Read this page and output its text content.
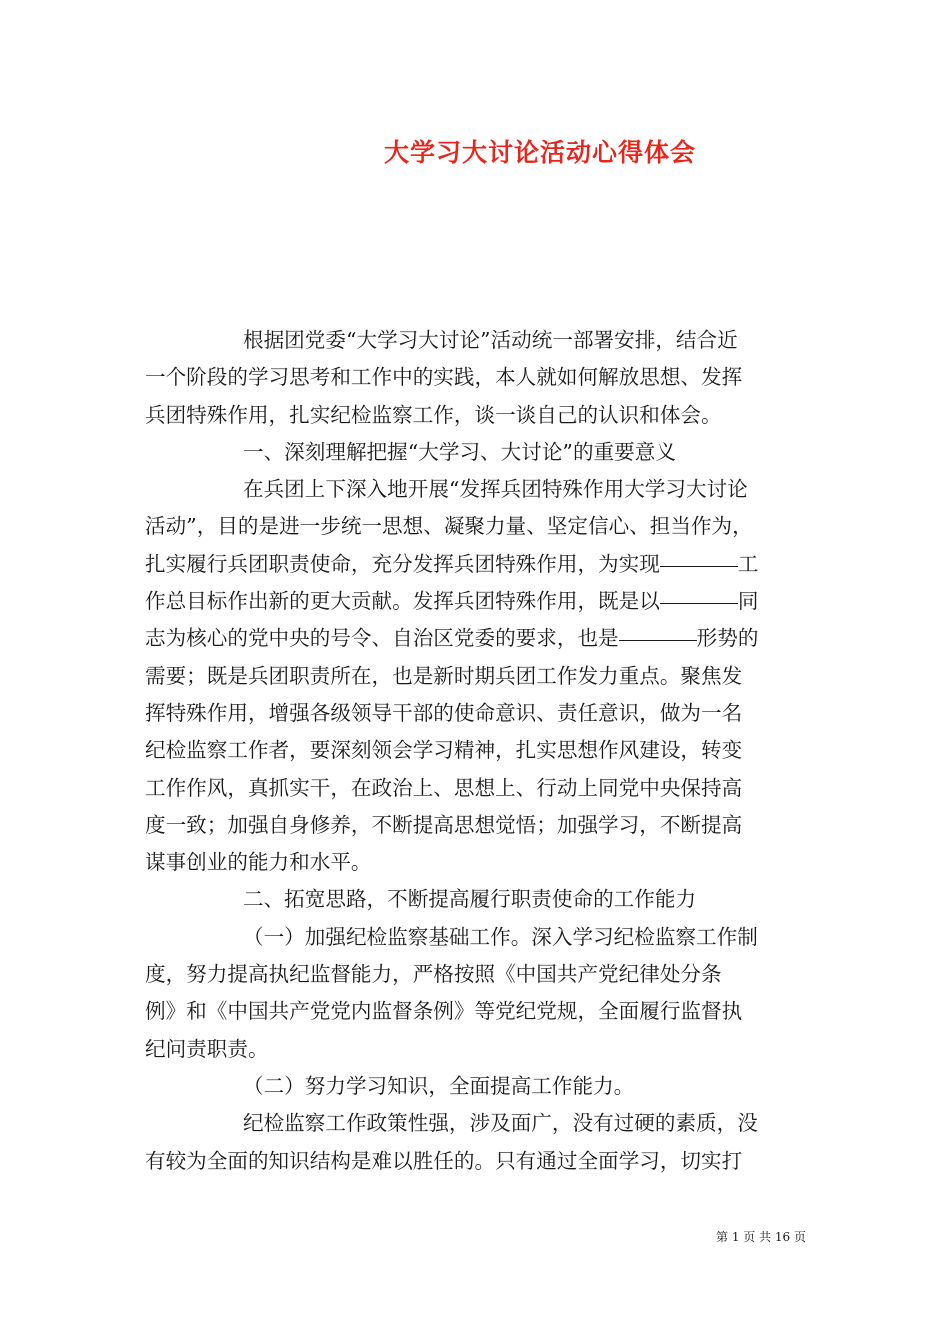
大学习大讨论活动心得体会
根据团党委“大学习大讨论”活动统一部署安排，结合近
一个阶段的学习思考和工作中的实践，本人就如何解放思想、发挥
兵团特殊作用，扎实纪检监察工作，谈一谈自己的认识和体会。
一、深刻理解把握“大学习、大讨论”的重要意义
在兵团上下深入地开展“发挥兵团特殊作用大学习大讨论
活动”，目的是进一步统一思想、凝聚力量、坚定信心、担当作为，
扎实履行兵团职责使命，充分发挥兵团特殊作用，为实现	工
作总目标作出新的更大贡献。发挥兵团特殊作用，既是以	同
志为核心的党中央的号令、自治区党委的要求，也是	形势的
需要；既是兵团职责所在，也是新时期兵团工作发力重点。聚焦发
挥特殊作用，增强各级领导干部的使命意识、责任意识，做为一名
纪检监察工作者，要深刻领会学习精神，扎实思想作风建设，转变
工作作风，真抓实干，在政治上、思想上、行动上同党中央保持高
度一致；加强自身修养，不断提高思想觉悟；加强学习，不断提高
谋事创业的能力和水平。
二、拓宽思路，不断提高履行职责使命的工作能力
（一）加强纪检监察基础工作。深入学习纪检监察工作制
度，努力提高执纪监督能力，严格按照《中国共产党纪律处分条
例》和《中国共产党党内监督条例》等党纪党规，全面履行监督执
纪问责职责。
（二）努力学习知识，全面提高工作能力。
纪检监察工作政策性强，涉及面广，没有过硬的素质，没
有较为全面的知识结构是难以胜任的。只有通过全面学习，切实打
第 1 页 共 16 页
